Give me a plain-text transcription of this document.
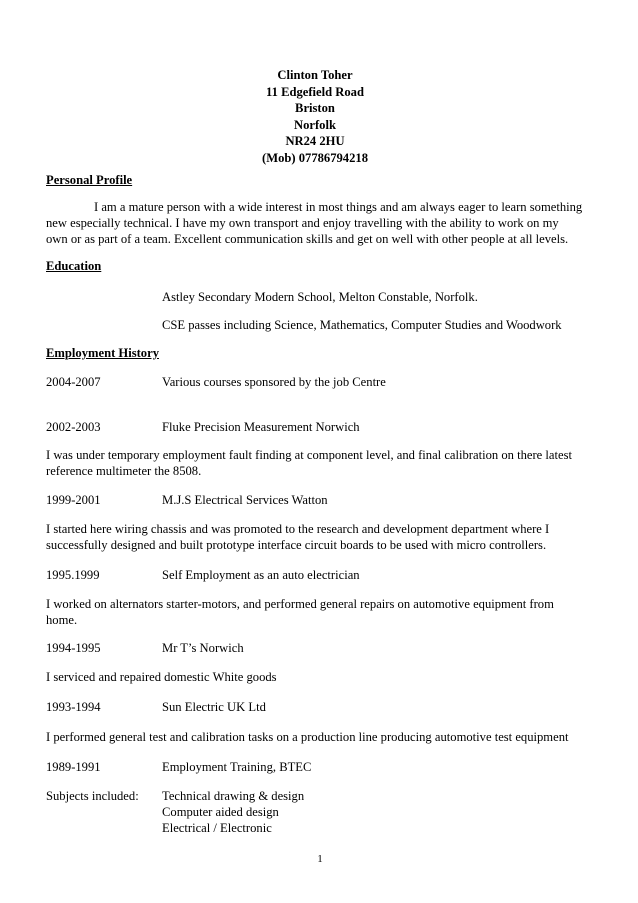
Clinton Toher
11 Edgefield Road
Briston
Norfolk
NR24 2HU
(Mob) 07786794218
Personal Profile
I am a mature person with a wide interest in most things and am always eager to learn something
new especially technical. I have my own transport and enjoy travelling with the ability to work on my
own or as part of a team. Excellent communication skills and get on well with other people at all levels.
Education
Astley Secondary Modern School, Melton Constable, Norfolk.
CSE passes including Science, Mathematics, Computer Studies and Woodwork
Employment History
2004-2007	Various courses sponsored by the job Centre
2002-2003	Fluke Precision Measurement Norwich
I was under temporary employment fault finding at component level, and final calibration on there latest
reference multimeter the 8508.
1999-2001	M.J.S Electrical Services Watton
I started here wiring chassis and was promoted to the research and development department where I
successfully designed and built prototype interface circuit boards to be used with micro controllers.
1995.1999	Self Employment as an auto electrician
I worked on alternators starter-motors, and performed general repairs on automotive equipment from
home.
1994-1995	Mr T’s Norwich
I serviced and repaired domestic White goods
1993-1994	Sun Electric UK Ltd
I performed general test and calibration tasks on a production line producing automotive test equipment
1989-1991	Employment Training, BTEC
Subjects included: Technical drawing & design
Computer aided design
Electrical / Electronic
1
